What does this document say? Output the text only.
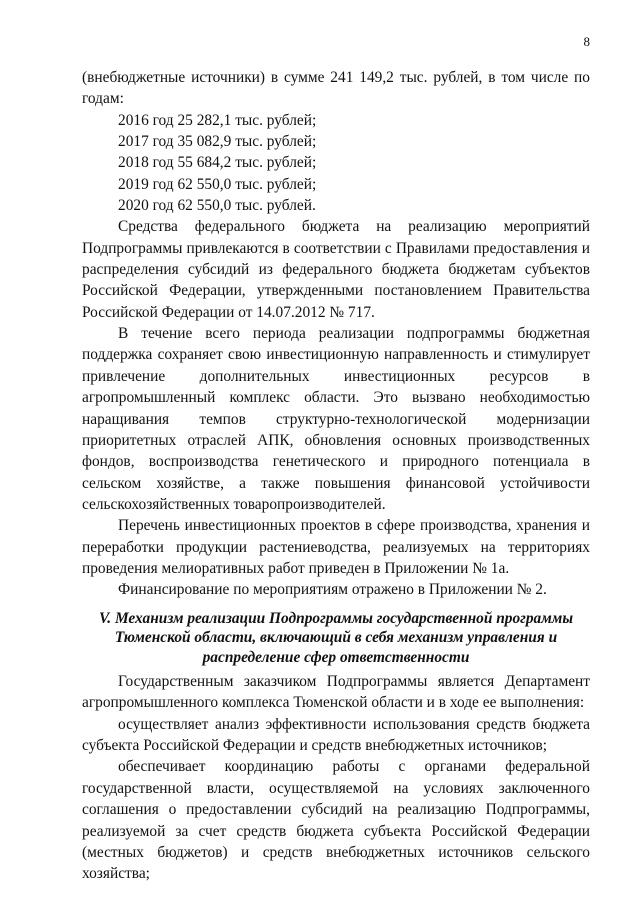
8

(внебюджетные источники) в сумме 241 149,2 тыс. рублей, в том числе по годам:

2016 год 25 282,1 тыс. рублей;
2017 год 35 082,9 тыс. рублей;
2018 год 55 684,2 тыс. рублей;
2019 год 62 550,0 тыс. рублей;
2020 год 62 550,0 тыс. рублей.

Средства федерального бюджета на реализацию мероприятий Подпрограммы привлекаются в соответствии с Правилами предоставления и распределения субсидий из федерального бюджета бюджетам субъектов Российской Федерации, утвержденными постановлением Правительства Российской Федерации от 14.07.2012 № 717.

В течение всего периода реализации подпрограммы бюджетная поддержка сохраняет свою инвестиционную направленность и стимулирует привлечение дополнительных инвестиционных ресурсов в агропромышленный комплекс области. Это вызвано необходимостью наращивания темпов структурно-технологической модернизации приоритетных отраслей АПК, обновления основных производственных фондов, воспроизводства генетического и природного потенциала в сельском хозяйстве, а также повышения финансовой устойчивости сельскохозяйственных товаропроизводителей.

Перечень инвестиционных проектов в сфере производства, хранения и переработки продукции растениеводства, реализуемых на территориях проведения мелиоративных работ приведен в Приложении № 1а.

Финансирование по мероприятиям отражено в Приложении № 2.

V. Механизм реализации Подпрограммы государственной программы Тюменской области, включающий в себя механизм управления и распределение сфер ответственности

Государственным заказчиком Подпрограммы является Департамент агропромышленного комплекса Тюменской области и в ходе ее выполнения:

осуществляет анализ эффективности использования средств бюджета субъекта Российской Федерации и средств внебюджетных источников;

обеспечивает координацию работы с органами федеральной государственной власти, осуществляемой на условиях заключенного соглашения о предоставлении субсидий на реализацию Подпрограммы, реализуемой за счет средств бюджета субъекта Российской Федерации (местных бюджетов) и средств внебюджетных источников сельского хозяйства;
